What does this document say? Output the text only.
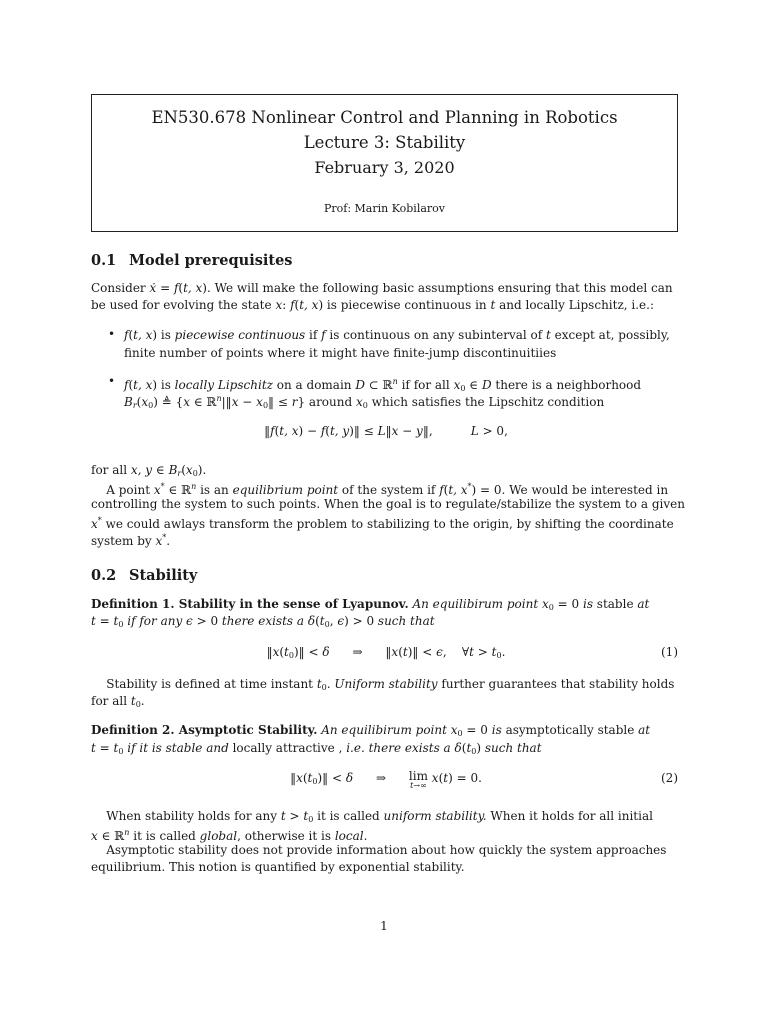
EN530.678 Nonlinear Control and Planning in Robotics
Lecture 3: Stability
February 3, 2020
Prof: Marin Kobilarov
0.1 Model prerequisites
Consider ẋ = f(t, x). We will make the following basic assumptions ensuring that this model can
be used for evolving the state x: f(t, x) is piecewise continuous in t and locally Lipschitz, i.e.:
• f(t, x) is piecewise continuous if f is continuous on any subinterval of t except at, possibly,
finite number of points where it might have finite-jump discontinuitiies
• f(t, x) is locally Lipschitz on a domain D ⊂ ℝ$^n$ if for all $x_0$ ∈ D there is a neighborhood
$B_r(x_0)$ ≜ {x ∈ ℝ$^n$|‖x − $x_0‖ \le r$} around $x_0$ which satisfies the Lipschitz condition
‖f(t, x) − f(t, y)‖ ≤ L‖x − y‖,          L > 0,
for all x, y ∈ $B_r(x_0)$.
A point x* ∈ ℝ$^n$ is an equilibrium point of the system if f(t, x*) = 0. We would be interested in
controlling the system to such points. When the goal is to regulate/stabilize the system to a given
x* we could awlays transform the problem to stabilizing to the origin, by shifting the coordinate
system by x*.
0.2 Stability
Definition 1. Stability in the sense of Lyapunov. An equilibirum point $x_0 = 0$ is stable at
$t = t_0$ if for any ϵ > 0 there exists a $\delta(t_0$, ϵ) > 0 such that
$‖x(t_0)‖ < \delta$      ⇒      ‖x(t)‖ < ϵ,    ∀t > $t_0$.	(1)
Stability is defined at time instant $t_0$. Uniform stability further guarantees that stability holds
for all $t_0$.
Definition 2. Asymptotic Stability. An equilibirum point $x_0 = 0$ is asymptotically stable at
$t = t_0$ if it is stable and locally attractive , i.e. there exists a $\delta(t_0)$ such that
$‖x(t_0)‖ < \delta$      ⇒      lim
t→∞
x(t) = 0.	(2)
When stability holds for any $t > t_0$ it is called uniform stability. When it holds for all initial
x ∈ ℝ$^n$ it is called global, otherwise it is local.
Asymptotic stability does not provide information about how quickly the system approaches
equilibrium. This notion is quantified by exponential stability.
1
